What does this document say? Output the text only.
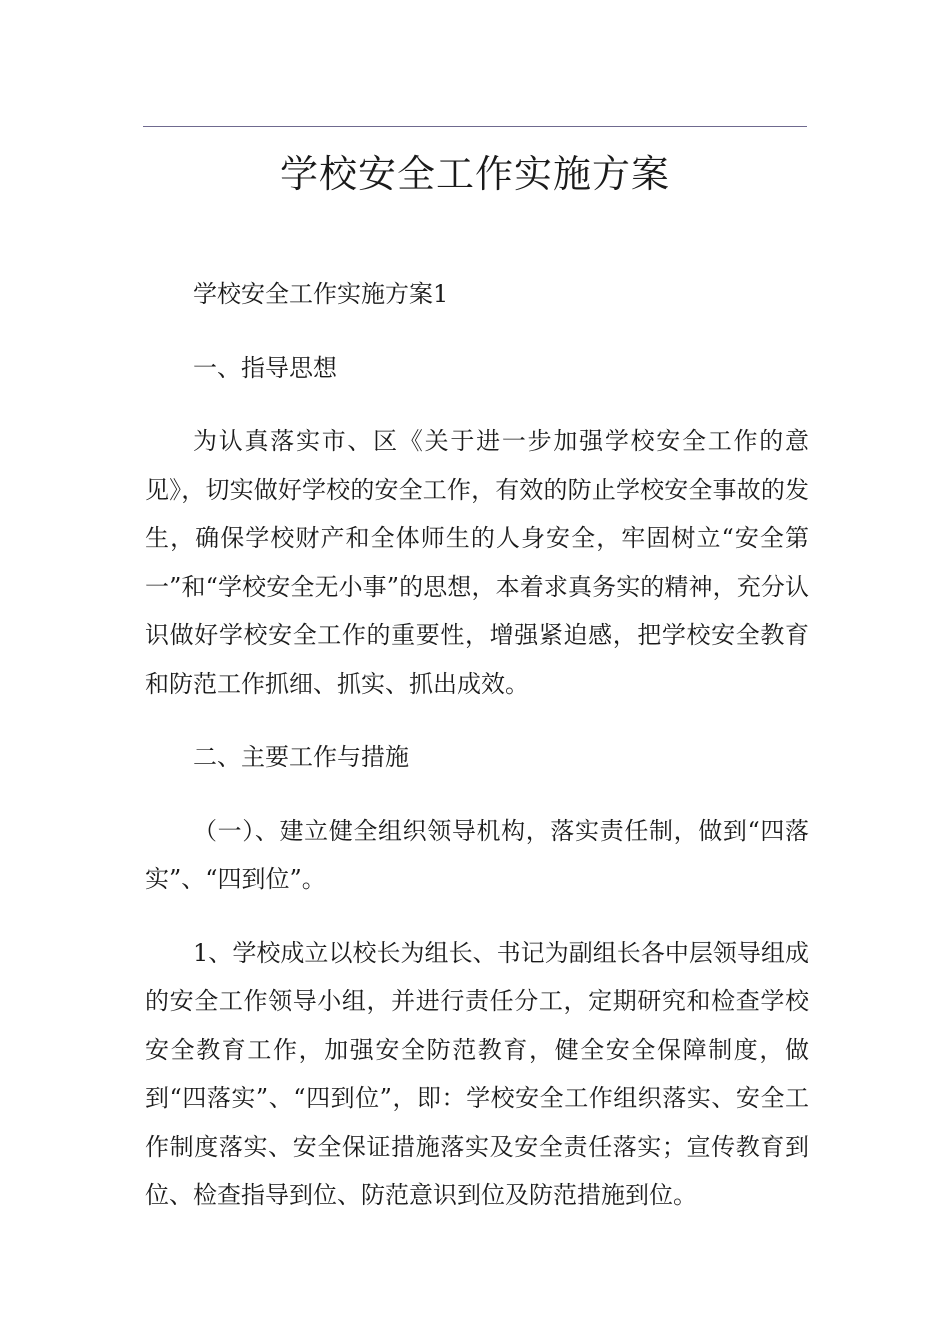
学校安全工作实施方案

学校安全工作实施方案1

一、指导思想

为认真落实市、区《关于进一步加强学校安全工作的意见》，切实做好学校的安全工作，有效的防止学校安全事故的发生，确保学校财产和全体师生的人身安全，牢固树立“安全第一”和“学校安全无小事”的思想，本着求真务实的精神，充分认识做好学校安全工作的重要性，增强紧迫感，把学校安全教育和防范工作抓细、抓实、抓出成效。

二、主要工作与措施

（一）、建立健全组织领导机构，落实责任制，做到“四落实”、“四到位”。

1、学校成立以校长为组长、书记为副组长各中层领导组成的安全工作领导小组，并进行责任分工，定期研究和检查学校安全教育工作，加强安全防范教育，健全安全保障制度，做到“四落实”、“四到位”，即：学校安全工作组织落实、安全工作制度落实、安全保证措施落实及安全责任落实；宣传教育到位、检查指导到位、防范意识到位及防范措施到位。
